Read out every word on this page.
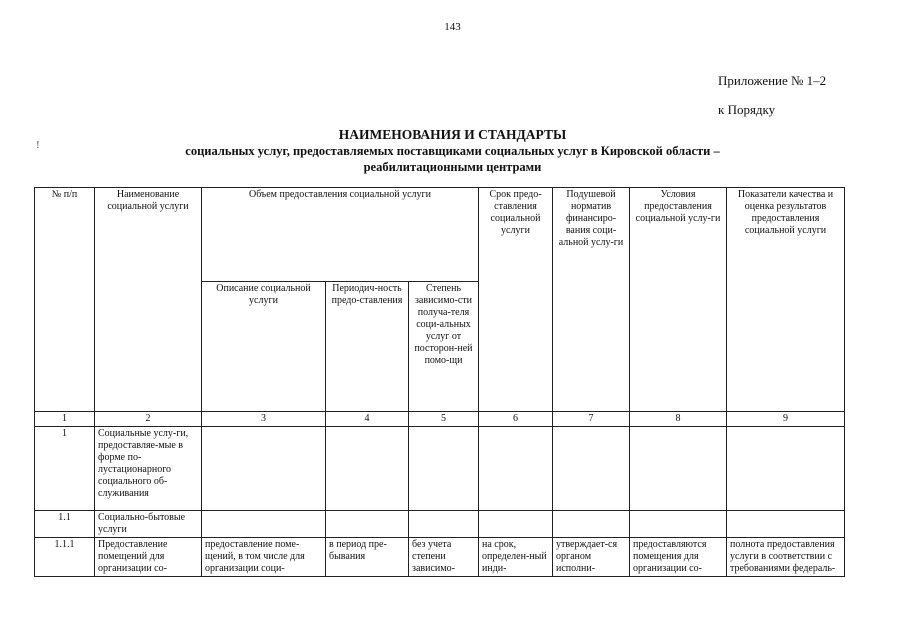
143
Приложение № 1–2
к Порядку
!
НАИМЕНОВАНИЯ И СТАНДАРТЫ
социальных услуг, предоставляемых поставщиками социальных услуг в Кировской области –
реабилитационными центрами
№ п/п	Наименование социальной услуги	Объем предоставления социальной услуги			Срок предо-ставления социальной услуги	Подушевой норматив финансиро-вания соци-альной услу-ги	Условия предоставления социальной услу-ги	Показатели качества и оценка результатов предоставления социальной услуги
		Описание социальной услуги	Периодич-ность предо-ставления	Степень зависимо-сти получа-теля соци-альных услуг от посторон-ней помо-щи				
1	2	3	4	5	6	7	8	9
1	Социальные услу-ги, предоставляе-мые в форме по-лустационарного социального об-служивания							
1.1	Социально-бытовые услуги							
1.1.1	Предоставление помещений для организации со-	предоставление поме-щений, в том числе для организации соци-	в период пре-бывания	без учета степени зависимо-	на срок, определен-ный инди-	утверждает-ся органом исполни-	предоставляются помещения для организации со-	полнота предоставления услуги в соответствии с требованиями федераль-
